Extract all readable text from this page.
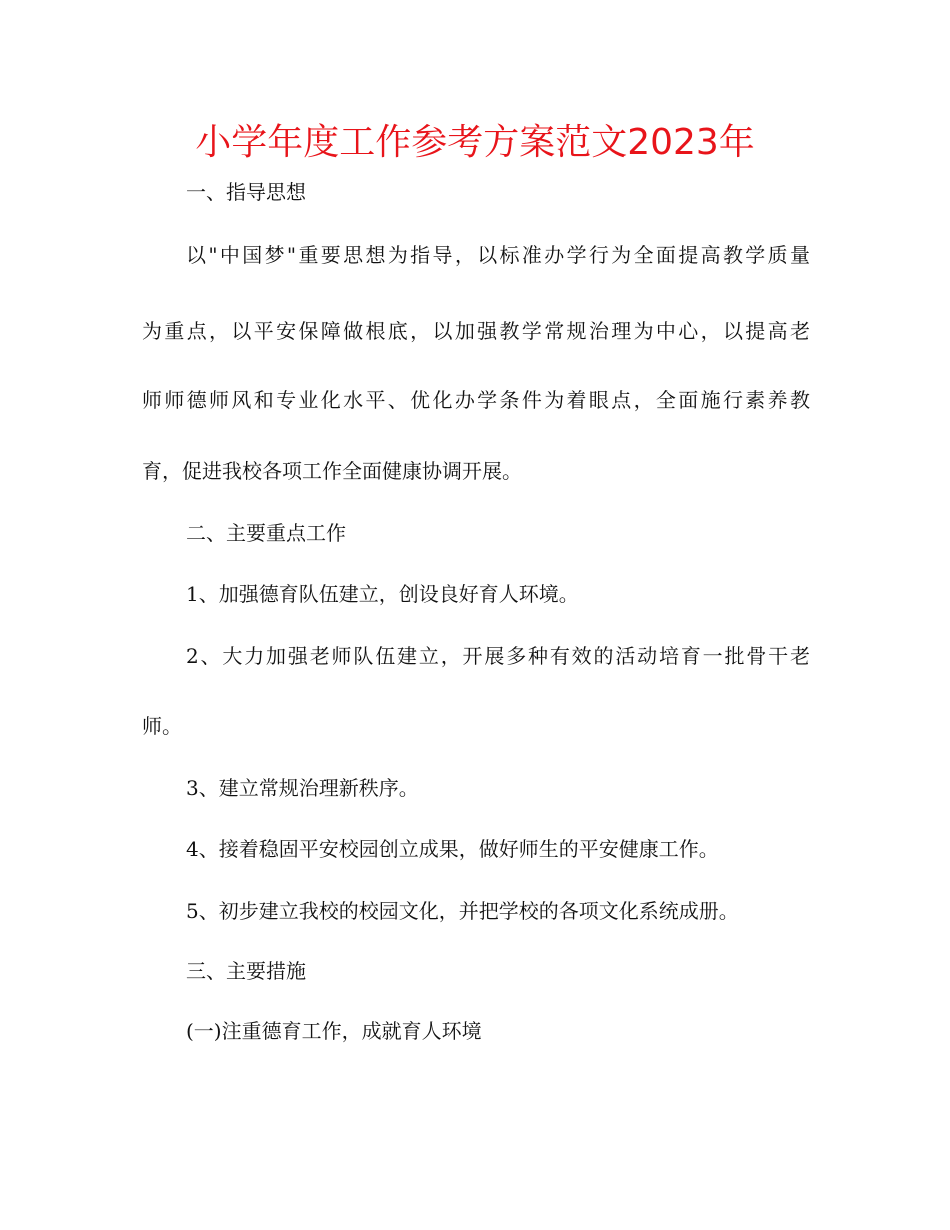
小学年度工作参考方案范文2023年

一、指导思想

以"中国梦"重要思想为指导，以标准办学行为全面提高教学质量

为重点，以平安保障做根底，以加强教学常规治理为中心，以提高老

师师德师风和专业化水平、优化办学条件为着眼点，全面施行素养教

育，促进我校各项工作全面健康协调开展。

二、主要重点工作

1、加强德育队伍建立，创设良好育人环境。

2、大力加强老师队伍建立，开展多种有效的活动培育一批骨干老

师。

3、建立常规治理新秩序。

4、接着稳固平安校园创立成果，做好师生的平安健康工作。

5、初步建立我校的校园文化，并把学校的各项文化系统成册。

三、主要措施

(一)注重德育工作，成就育人环境
